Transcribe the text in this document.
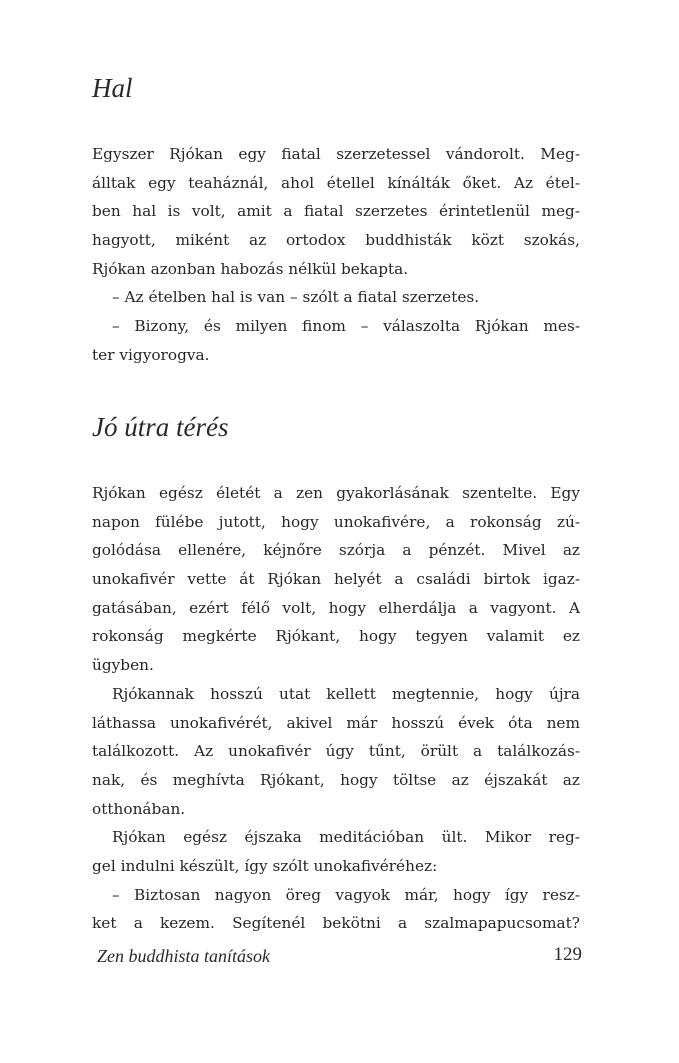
Hal
Egyszer Rjókan egy fiatal szerzetessel vándorolt. Meg-
álltak egy teaháznál, ahol étellel kínálták őket. Az étel-
ben hal is volt, amit a fiatal szerzetes érintetlenül meg-
hagyott, miként az ortodox buddhisták közt szokás,
Rjókan azonban habozás nélkül bekapta.
– Az ételben hal is van – szólt a fiatal szerzetes.
– Bizony, és milyen finom – válaszolta Rjókan mes-
ter vigyorogva.
Jó útra térés
Rjókan egész életét a zen gyakorlásának szentelte. Egy
napon fülébe jutott, hogy unokafivére, a rokonság zú-
golódása ellenére, kéjnőre szórja a pénzét. Mivel az
unokafivér vette át Rjókan helyét a családi birtok igaz-
gatásában, ezért félő volt, hogy elherdálja a vagyont. A
rokonság megkérte Rjókant, hogy tegyen valamit ez
ügyben.
Rjókannak hosszú utat kellett megtennie, hogy újra
láthassa unokafivérét, akivel már hosszú évek óta nem
találkozott. Az unokafivér úgy tűnt, örült a találkozás-
nak, és meghívta Rjókant, hogy töltse az éjszakát az
otthonában.
Rjókan egész éjszaka meditációban ült. Mikor reg-
gel indulni készült, így szólt unokafivéréhez:
– Biztosan nagyon öreg vagyok már, hogy így resz-
ket a kezem. Segítenél bekötni a szalmapapucsomat?
Zen buddhista tanítások	129
